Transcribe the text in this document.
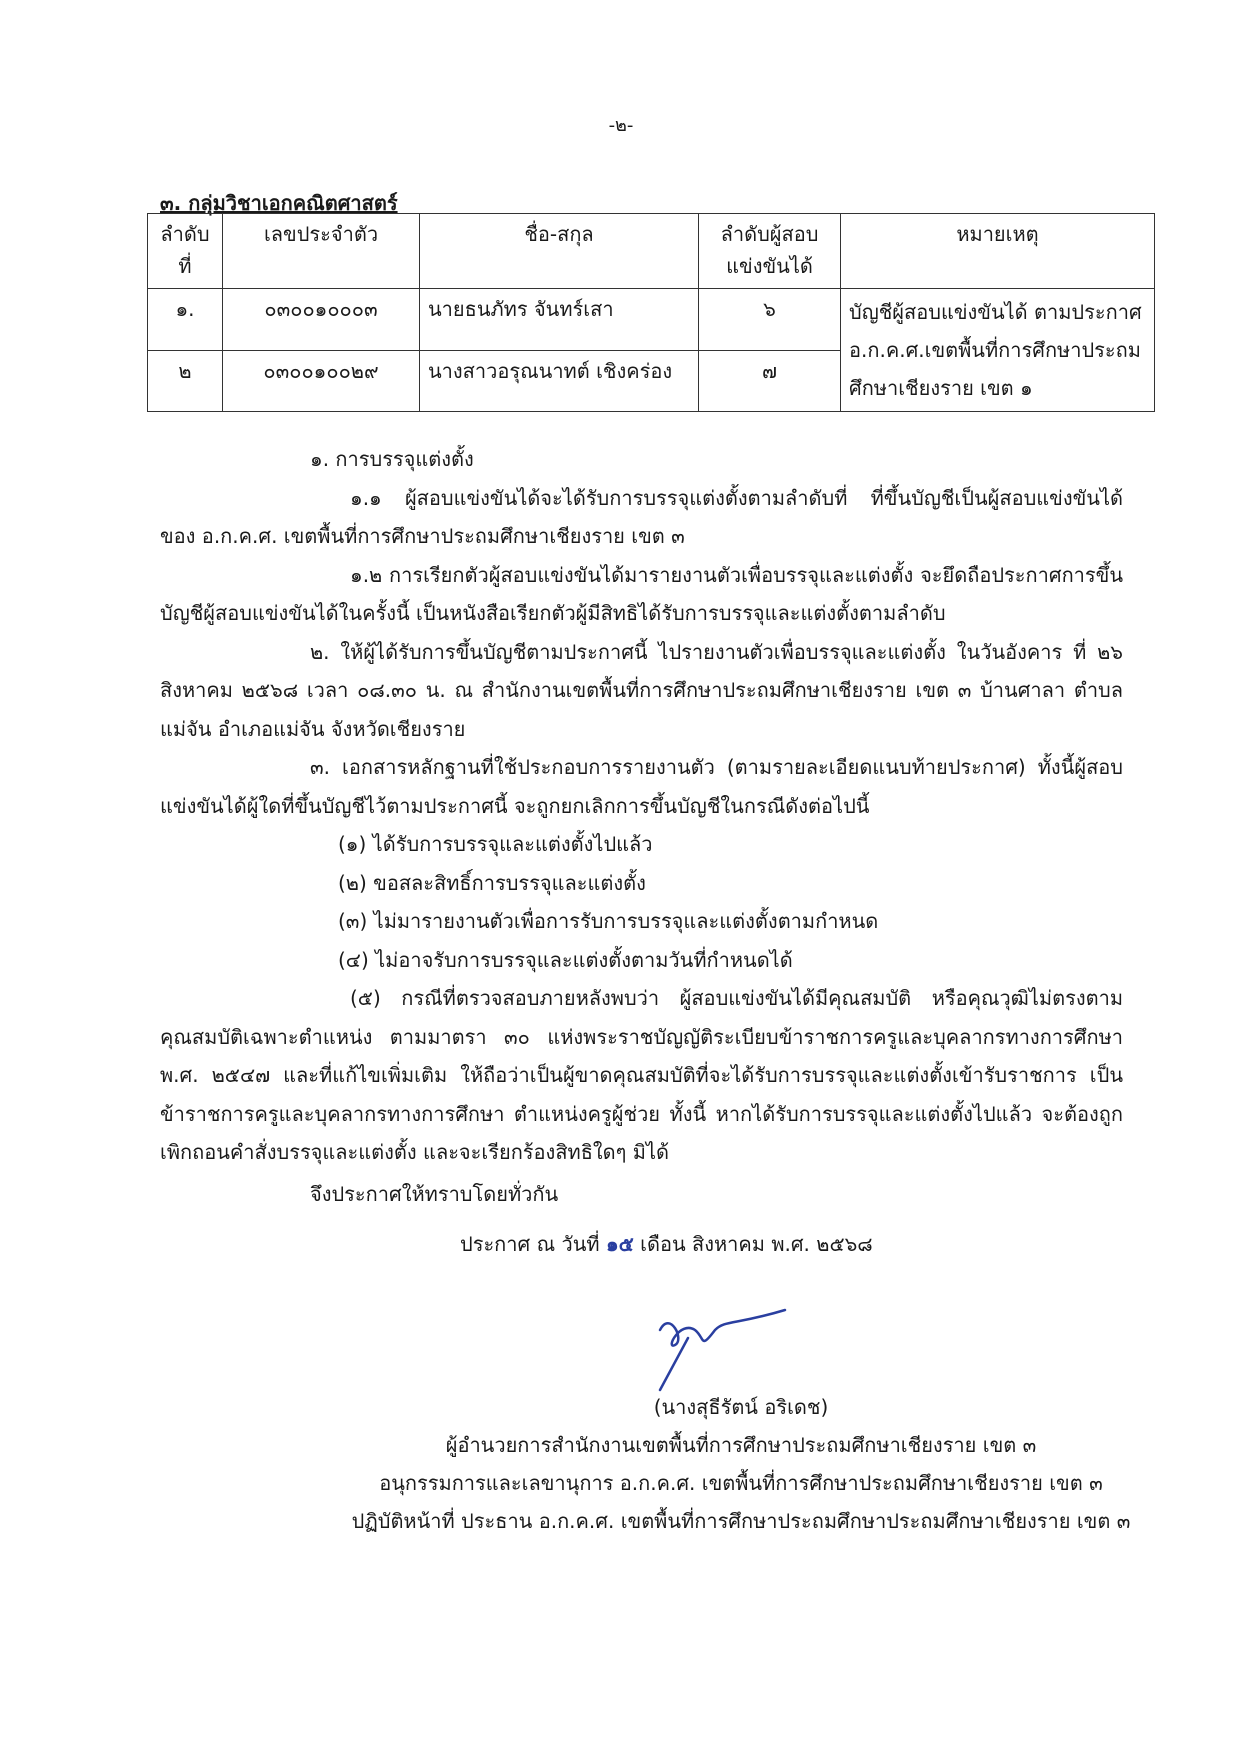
-๒-
๓. กลุ่มวิชาเอกคณิตศาสตร์
ลำดับที่	เลขประจำตัว	ชื่อ-สกุล	ลำดับผู้สอบแข่งขันได้	หมายเหตุ
๑.	๐๓๐๐๑๐๐๐๓	นายธนภัทร จันทร์เสา	๖	บัญชีผู้สอบแข่งขันได้ ตามประกาศ อ.ก.ค.ศ.เขตพื้นที่การศึกษาประถมศึกษาเชียงราย เขต ๑
๒	๐๓๐๐๑๐๐๒๙	นางสาวอรุณนาทต์ เชิงคร่อง	๗	

๑. การบรรจุแต่งตั้ง

๑.๑ ผู้สอบแข่งขันได้จะได้รับการบรรจุแต่งตั้งตามลำดับที่ ที่ขึ้นบัญชีเป็นผู้สอบแข่งขันได้ของ อ.ก.ค.ศ. เขตพื้นที่การศึกษาประถมศึกษาเชียงราย เขต ๓

๑.๒ การเรียกตัวผู้สอบแข่งขันได้มารายงานตัวเพื่อบรรจุและแต่งตั้ง จะยึดถือประกาศการขึ้นบัญชีผู้สอบแข่งขันได้ในครั้งนี้ เป็นหนังสือเรียกตัวผู้มีสิทธิได้รับการบรรจุและแต่งตั้งตามลำดับ

๒. ให้ผู้ได้รับการขึ้นบัญชีตามประกาศนี้ ไปรายงานตัวเพื่อบรรจุและแต่งตั้ง ในวันอังคาร ที่ ๒๖ สิงหาคม ๒๕๖๘ เวลา ๐๘.๓๐ น. ณ สำนักงานเขตพื้นที่การศึกษาประถมศึกษาเชียงราย เขต ๓ บ้านศาลา ตำบลแม่จัน อำเภอแม่จัน จังหวัดเชียงราย

๓. เอกสารหลักฐานที่ใช้ประกอบการรายงานตัว (ตามรายละเอียดแนบท้ายประกาศ) ทั้งนี้ผู้สอบแข่งขันได้ผู้ใดที่ขึ้นบัญชีไว้ตามประกาศนี้ จะถูกยกเลิกการขึ้นบัญชีในกรณีดังต่อไปนี้

(๑) ได้รับการบรรจุและแต่งตั้งไปแล้ว

(๒) ขอสละสิทธิ์การบรรจุและแต่งตั้ง

(๓) ไม่มารายงานตัวเพื่อการรับการบรรจุและแต่งตั้งตามกำหนด

(๔) ไม่อาจรับการบรรจุและแต่งตั้งตามวันที่กำหนดได้

(๕) กรณีที่ตรวจสอบภายหลังพบว่า ผู้สอบแข่งขันได้มีคุณสมบัติ หรือคุณวุฒิไม่ตรงตามคุณสมบัติเฉพาะตำแหน่ง ตามมาตรา ๓๐ แห่งพระราชบัญญัติระเบียบข้าราชการครูและบุคลากรทางการศึกษา พ.ศ. ๒๕๔๗ และที่แก้ไขเพิ่มเติม ให้ถือว่าเป็นผู้ขาดคุณสมบัติที่จะได้รับการบรรจุและแต่งตั้งเข้ารับราชการ เป็นข้าราชการครูและบุคลากรทางการศึกษา ตำแหน่งครูผู้ช่วย ทั้งนี้ หากได้รับการบรรจุและแต่งตั้งไปแล้ว จะต้องถูกเพิกถอนคำสั่งบรรจุและแต่งตั้ง และจะเรียกร้องสิทธิใดๆ มิได้

จึงประกาศให้ทราบโดยทั่วกัน
ประกาศ ณ วันที่ ๑๕ เดือน สิงหาคม พ.ศ. ๒๕๖๘
(นางสุธีรัตน์ อริเดช)
ผู้อำนวยการสำนักงานเขตพื้นที่การศึกษาประถมศึกษาเชียงราย เขต ๓
อนุกรรมการและเลขานุการ อ.ก.ค.ศ. เขตพื้นที่การศึกษาประถมศึกษาเชียงราย เขต ๓
ปฏิบัติหน้าที่ ประธาน อ.ก.ค.ศ. เขตพื้นที่การศึกษาประถมศึกษาประถมศึกษาเชียงราย เขต ๓
